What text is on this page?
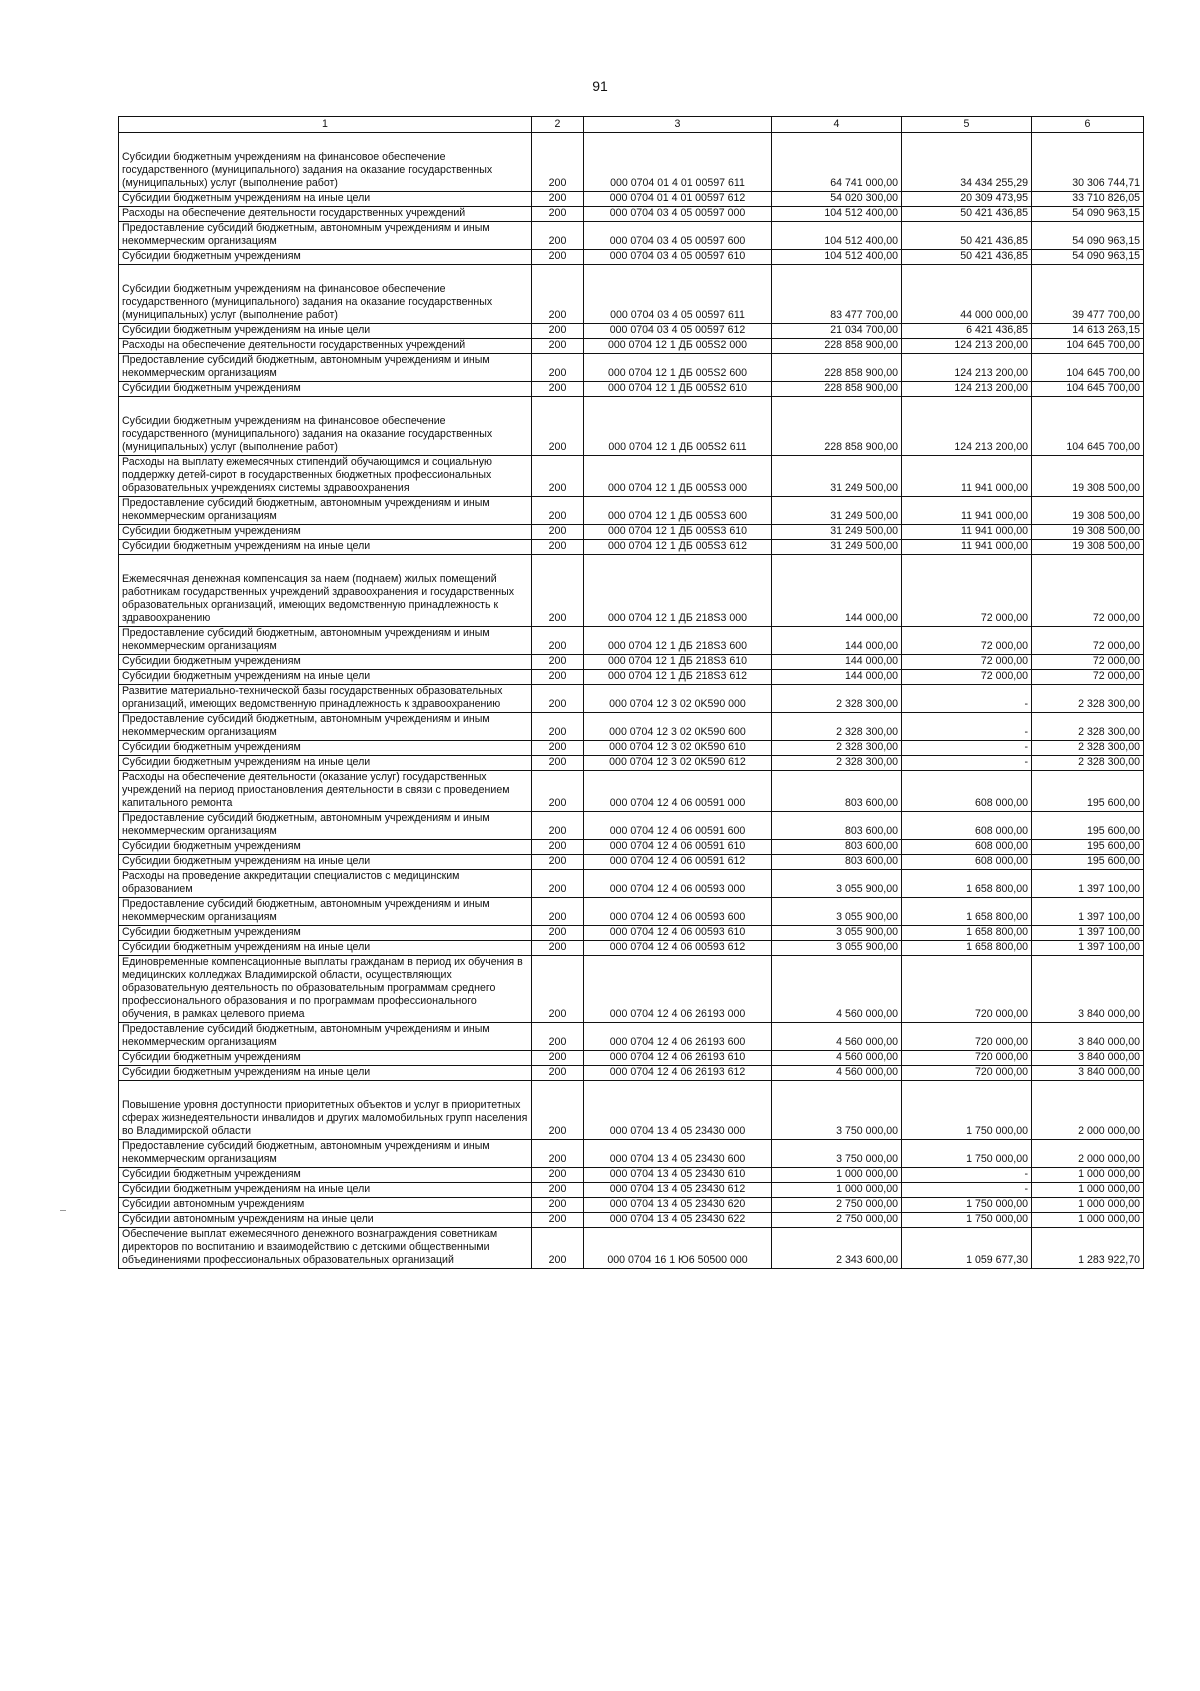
91
1	2	3	4	5	6
Субсидии бюджетным учреждениям на финансовое обеспечение государственного (муниципального) задания на оказание государственных (муниципальных) услуг (выполнение работ)	200	000 0704 01 4 01 00597 611	64 741 000,00	34 434 255,29	30 306 744,71
Субсидии бюджетным учреждениям на иные цели	200	000 0704 01 4 01 00597 612	54 020 300,00	20 309 473,95	33 710 826,05
Расходы на обеспечение деятельности государственных учреждений	200	000 0704 03 4 05 00597 000	104 512 400,00	50 421 436,85	54 090 963,15
Предоставление субсидий бюджетным, автономным учреждениям и иным некоммерческим организациям	200	000 0704 03 4 05 00597 600	104 512 400,00	50 421 436,85	54 090 963,15
Субсидии бюджетным учреждениям	200	000 0704 03 4 05 00597 610	104 512 400,00	50 421 436,85	54 090 963,15
Субсидии бюджетным учреждениям на финансовое обеспечение государственного (муниципального) задания на оказание государственных (муниципальных) услуг (выполнение работ)	200	000 0704 03 4 05 00597 611	83 477 700,00	44 000 000,00	39 477 700,00
Субсидии бюджетным учреждениям на иные цели	200	000 0704 03 4 05 00597 612	21 034 700,00	6 421 436,85	14 613 263,15
Расходы на обеспечение деятельности государственных учреждений	200	000 0704 12 1 ДБ 005S2 000	228 858 900,00	124 213 200,00	104 645 700,00
Предоставление субсидий бюджетным, автономным учреждениям и иным некоммерческим организациям	200	000 0704 12 1 ДБ 005S2 600	228 858 900,00	124 213 200,00	104 645 700,00
Субсидии бюджетным учреждениям	200	000 0704 12 1 ДБ 005S2 610	228 858 900,00	124 213 200,00	104 645 700,00
Субсидии бюджетным учреждениям на финансовое обеспечение государственного (муниципального) задания на оказание государственных (муниципальных) услуг (выполнение работ)	200	000 0704 12 1 ДБ 005S2 611	228 858 900,00	124 213 200,00	104 645 700,00
Расходы на выплату ежемесячных стипендий обучающимся и социальную поддержку детей-сирот в государственных бюджетных профессиональных образовательных учреждениях системы здравоохранения	200	000 0704 12 1 ДБ 005S3 000	31 249 500,00	11 941 000,00	19 308 500,00
Предоставление субсидий бюджетным, автономным учреждениям и иным некоммерческим организациям	200	000 0704 12 1 ДБ 005S3 600	31 249 500,00	11 941 000,00	19 308 500,00
Субсидии бюджетным учреждениям	200	000 0704 12 1 ДБ 005S3 610	31 249 500,00	11 941 000,00	19 308 500,00
Субсидии бюджетным учреждениям на иные цели	200	000 0704 12 1 ДБ 005S3 612	31 249 500,00	11 941 000,00	19 308 500,00
Ежемесячная денежная компенсация за наем (поднаем) жилых помещений работникам государственных учреждений здравоохранения и государственных образовательных организаций, имеющих ведомственную принадлежность к здравоохранению	200	000 0704 12 1 ДБ 218S3 000	144 000,00	72 000,00	72 000,00
Предоставление субсидий бюджетным, автономным учреждениям и иным некоммерческим организациям	200	000 0704 12 1 ДБ 218S3 600	144 000,00	72 000,00	72 000,00
Субсидии бюджетным учреждениям	200	000 0704 12 1 ДБ 218S3 610	144 000,00	72 000,00	72 000,00
Субсидии бюджетным учреждениям на иные цели	200	000 0704 12 1 ДБ 218S3 612	144 000,00	72 000,00	72 000,00
Развитие материально-технической базы государственных образовательных организаций, имеющих ведомственную принадлежность к здравоохранению	200	000 0704 12 3 02 0K590 000	2 328 300,00	-	2 328 300,00
Предоставление субсидий бюджетным, автономным учреждениям и иным некоммерческим организациям	200	000 0704 12 3 02 0K590 600	2 328 300,00	-	2 328 300,00
Субсидии бюджетным учреждениям	200	000 0704 12 3 02 0K590 610	2 328 300,00	-	2 328 300,00
Субсидии бюджетным учреждениям на иные цели	200	000 0704 12 3 02 0K590 612	2 328 300,00	-	2 328 300,00
Расходы на обеспечение деятельности (оказание услуг) государственных учреждений на период приостановления деятельности в связи с проведением капитального ремонта	200	000 0704 12 4 06 00591 000	803 600,00	608 000,00	195 600,00
Предоставление субсидий бюджетным, автономным учреждениям и иным некоммерческим организациям	200	000 0704 12 4 06 00591 600	803 600,00	608 000,00	195 600,00
Субсидии бюджетным учреждениям	200	000 0704 12 4 06 00591 610	803 600,00	608 000,00	195 600,00
Субсидии бюджетным учреждениям на иные цели	200	000 0704 12 4 06 00591 612	803 600,00	608 000,00	195 600,00
Расходы на проведение аккредитации специалистов с медицинским образованием	200	000 0704 12 4 06 00593 000	3 055 900,00	1 658 800,00	1 397 100,00
Предоставление субсидий бюджетным, автономным учреждениям и иным некоммерческим организациям	200	000 0704 12 4 06 00593 600	3 055 900,00	1 658 800,00	1 397 100,00
Субсидии бюджетным учреждениям	200	000 0704 12 4 06 00593 610	3 055 900,00	1 658 800,00	1 397 100,00
Субсидии бюджетным учреждениям на иные цели	200	000 0704 12 4 06 00593 612	3 055 900,00	1 658 800,00	1 397 100,00
Единовременные компенсационные выплаты гражданам в период их обучения в медицинских колледжах Владимирской области, осуществляющих образовательную деятельность по образовательным программам среднего профессионального образования и по программам профессионального обучения, в рамках целевого приема	200	000 0704 12 4 06 26193 000	4 560 000,00	720 000,00	3 840 000,00
Предоставление субсидий бюджетным, автономным учреждениям и иным некоммерческим организациям	200	000 0704 12 4 06 26193 600	4 560 000,00	720 000,00	3 840 000,00
Субсидии бюджетным учреждениям	200	000 0704 12 4 06 26193 610	4 560 000,00	720 000,00	3 840 000,00
Субсидии бюджетным учреждениям на иные цели	200	000 0704 12 4 06 26193 612	4 560 000,00	720 000,00	3 840 000,00
Повышение уровня доступности приоритетных объектов и услуг в приоритетных сферах жизнедеятельности инвалидов и других маломобильных групп населения во Владимирской области	200	000 0704 13 4 05 23430 000	3 750 000,00	1 750 000,00	2 000 000,00
Предоставление субсидий бюджетным, автономным учреждениям и иным некоммерческим организациям	200	000 0704 13 4 05 23430 600	3 750 000,00	1 750 000,00	2 000 000,00
Субсидии бюджетным учреждениям	200	000 0704 13 4 05 23430 610	1 000 000,00	-	1 000 000,00
Субсидии бюджетным учреждениям на иные цели	200	000 0704 13 4 05 23430 612	1 000 000,00	-	1 000 000,00
Субсидии автономным учреждениям	200	000 0704 13 4 05 23430 620	2 750 000,00	1 750 000,00	1 000 000,00
Субсидии автономным учреждениям на иные цели	200	000 0704 13 4 05 23430 622	2 750 000,00	1 750 000,00	1 000 000,00
Обеспечение выплат ежемесячного денежного вознаграждения советникам директоров по воспитанию и взаимодействию с детскими общественными объединениями профессиональных образовательных организаций	200	000 0704 16 1 Ю6 50500 000	2 343 600,00	1 059 677,30	1 283 922,70
